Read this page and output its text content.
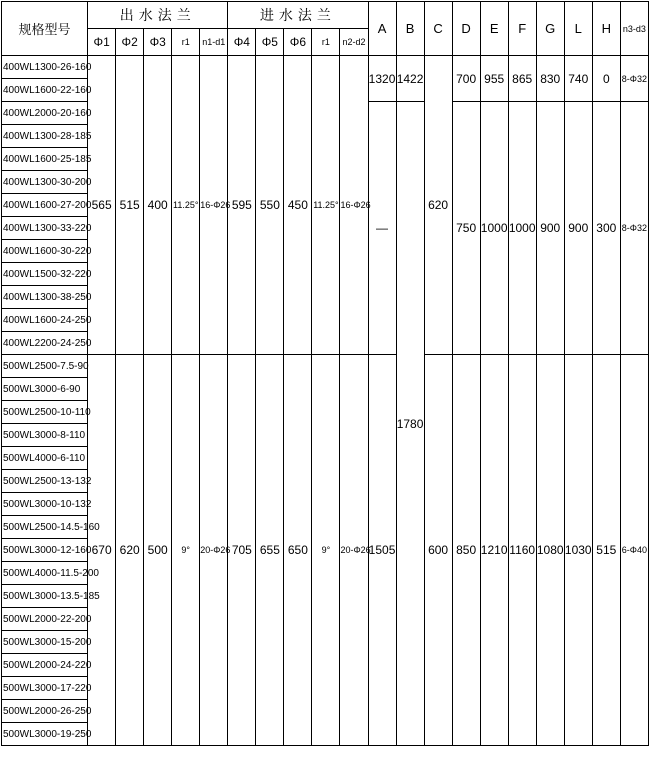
规格型号	出水法兰					进水法兰					A	B	C	D	E	F	G	L	H	n3-d3
	Φ1	Φ2	Φ3	r1	n1-d1	Φ4	Φ5	Φ6	r1	n2-d2										
400WL1300-26-160	565	515	400	11.25°	16-Φ26	595	550	450	11.25°	16-Φ26	1320	1422	620	700	955	865	830	740	0	8-Φ32
400WL1600-22-160																				
400WL2000-20-160											—	1780		750	1000	1000	900	900	300	8-Φ32
400WL1300-28-185																				
400WL1600-25-185																				
400WL1300-30-200																				
400WL1600-27-200																				
400WL1300-33-220																				
400WL1600-30-220																				
400WL1500-32-220																				
400WL1300-38-250																				
400WL1600-24-250																				
400WL2200-24-250																				
500WL2500-7.5-90	670	620	500	9°	20-Φ26	705	655	650	9°	20-Φ26	1505		600	850	1210	1160	1080	1030	515	6-Φ40
500WL3000-6-90																				
500WL2500-10-110																				
500WL3000-8-110																				
500WL4000-6-110																				
500WL2500-13-132																				
500WL3000-10-132																				
500WL2500-14.5-160																				
500WL3000-12-160																				
500WL4000-11.5-200																				
500WL3000-13.5-185																				
500WL2000-22-200																				
500WL3000-15-200																				
500WL2000-24-220																				
500WL3000-17-220																				
500WL2000-26-250																				
500WL3000-19-250																				
